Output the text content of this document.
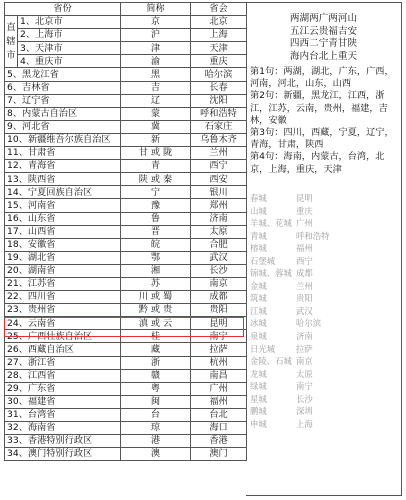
省份		简称	省会

直辖市	1、北京市	京	北京
	2、上海市	沪	上海
	3、天津市	津	天津
	4、重庆市	渝	重庆
5、黑龙江省		黑	哈尔滨
6、吉林省		吉	长春
7、辽宁省		辽	沈阳
8、内蒙古自治区		蒙	呼和浩特
9、河北省		冀	石家庄
10、新疆维吾尔族自治区		新	乌鲁木齐
11、甘肃省		甘 或 陇	兰州
12、青海省		青	西宁
13、陕西省		陕 或 秦	西安
14、宁夏回族自治区		宁	银川
15、河南省		豫	郑州
16、山东省		鲁	济南
17、山西省		晋	太原
18、安徽省		皖	合肥
19、湖北省		鄂	武汉
20、湖南省		湘	长沙
21、江苏省		苏	南京
22、四川省		川 或 蜀	成都
23、贵州省		黔 或 贵	贵阳
24、云南省		滇 或 云	昆明
25、广西壮族自治区		桂	南宁
26、西藏自治区		藏	拉萨
27、浙江省		浙	杭州
28、江西省		赣	南昌
29、广东省		粤	广州
30、福建省		闽	福州
31、台湾省		台	台北
32、海南省		琼	海口
33、香港特别行政区		港	香港
34、澳门特别行政区		澳	澳门
两湖两广两河山
五江云贵福吉安
四西二宁青甘陕
海内台北上重天
第1句：两湖，湖北，广东，广西，河南，河北，山东，山西
第2句：新疆，黑龙江，江西，浙江，江苏，云南，贵州，福建，吉林，安徽
第3句：四川，西藏，宁夏，辽宁，青海，甘肃，陕西
第4句：海南，内蒙古，台湾，北京，上海，重庆，天津
春城	昆明
山城	重庆
羊城、花城 广州
青城	呼和浩特
榕城	福州
石堡城 西宁
锦城、蓉城 成都
金城	兰州
筑城	贵阳
江城	武汉
冰城	哈尔滨
泉城	济南
日光城 拉萨
金陵、石城 南京
龙城	太原
绿城	南宁
星城	长沙
鹏城	深圳
申城	上海
